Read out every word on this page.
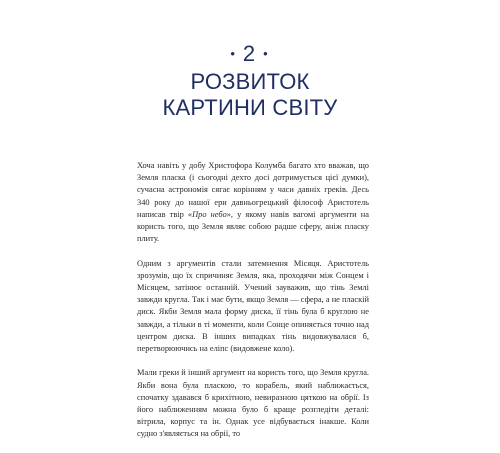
• 2 •
РОЗВИТОК
КАРТИНИ СВІТУ

Хоча навіть у добу Христофора Колумба багато хто вважав, що Земля пласка (і сьогодні дехто досі дотримується цієї думки), сучасна астрономія сягає корінням у часи давніх греків. Десь 340 року до нашої ери давньогрецький філософ Аристотель написав твір «Про небо», у якому навів вагомі аргументи на користь того, що Земля являє собою радше сферу, аніж пласку плиту.

Одним з аргументів стали затемнення Місяця. Аристотель зрозумів, що їх спричиняє Земля, яка, проходячи між Сонцем і Місяцем, затінює останній. Учений зауважив, що тінь Землі завжди кругла. Так і має бути, якщо Земля — сфера, а не пласкій диск. Якби Земля мала форму диска, її тінь була б круглою не завжди, а тільки в ті моменти, коли Сонце опиняється точно над центром диска. В інших випадках тінь видовжувалася б, перетворюючись на еліпс (видовжене коло).

Мали греки й інший аргумент на користь того, що Земля кругла. Якби вона була пласкою, то корабель, який наближається, спочатку здавався б крихітною, невиразною цяткою на обрії. Із його наближенням можна було б краще розгледіти деталі: вітрила, корпус та ін. Однак усе відбувається інакше. Коли судно з'являється на обрії, то
